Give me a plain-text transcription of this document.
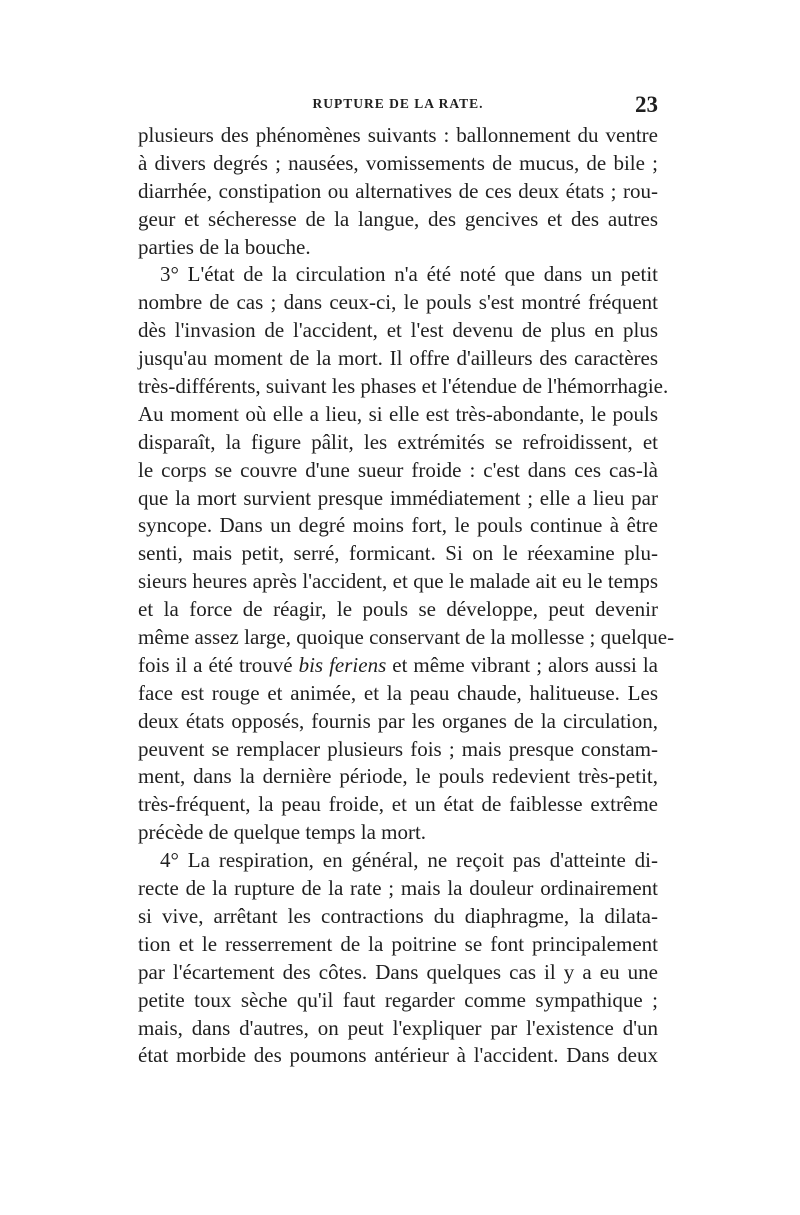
RUPTURE DE LA RATE.	23
plusieurs des phénomènes suivants : ballonnement du ventre
à divers degrés ; nausées, vomissements de mucus, de bile ;
diarrhée, constipation ou alternatives de ces deux états ; rou-
geur et sécheresse de la langue, des gencives et des autres
parties de la bouche.
3° L'état de la circulation n'a été noté que dans un petit
nombre de cas ; dans ceux-ci, le pouls s'est montré fréquent
dès l'invasion de l'accident, et l'est devenu de plus en plus
jusqu'au moment de la mort. Il offre d'ailleurs des caractères
très-différents, suivant les phases et l'étendue de l'hémorrhagie.
Au moment où elle a lieu, si elle est très-abondante, le pouls
disparaît, la figure pâlit, les extrémités se refroidissent, et
le corps se couvre d'une sueur froide : c'est dans ces cas-là
que la mort survient presque immédiatement ; elle a lieu par
syncope. Dans un degré moins fort, le pouls continue à être
senti, mais petit, serré, formicant. Si on le réexamine plu-
sieurs heures après l'accident, et que le malade ait eu le temps
et la force de réagir, le pouls se développe, peut devenir
même assez large, quoique conservant de la mollesse ; quelque-
fois il a été trouvé bis feriens et même vibrant ; alors aussi la
face est rouge et animée, et la peau chaude, halitueuse. Les
deux états opposés, fournis par les organes de la circulation,
peuvent se remplacer plusieurs fois ; mais presque constam-
ment, dans la dernière période, le pouls redevient très-petit,
très-fréquent, la peau froide, et un état de faiblesse extrême
précède de quelque temps la mort.
4° La respiration, en général, ne reçoit pas d'atteinte di-
recte de la rupture de la rate ; mais la douleur ordinairement
si vive, arrêtant les contractions du diaphragme, la dilata-
tion et le resserrement de la poitrine se font principalement
par l'écartement des côtes. Dans quelques cas il y a eu une
petite toux sèche qu'il faut regarder comme sympathique ;
mais, dans d'autres, on peut l'expliquer par l'existence d'un
état morbide des poumons antérieur à l'accident. Dans deux
